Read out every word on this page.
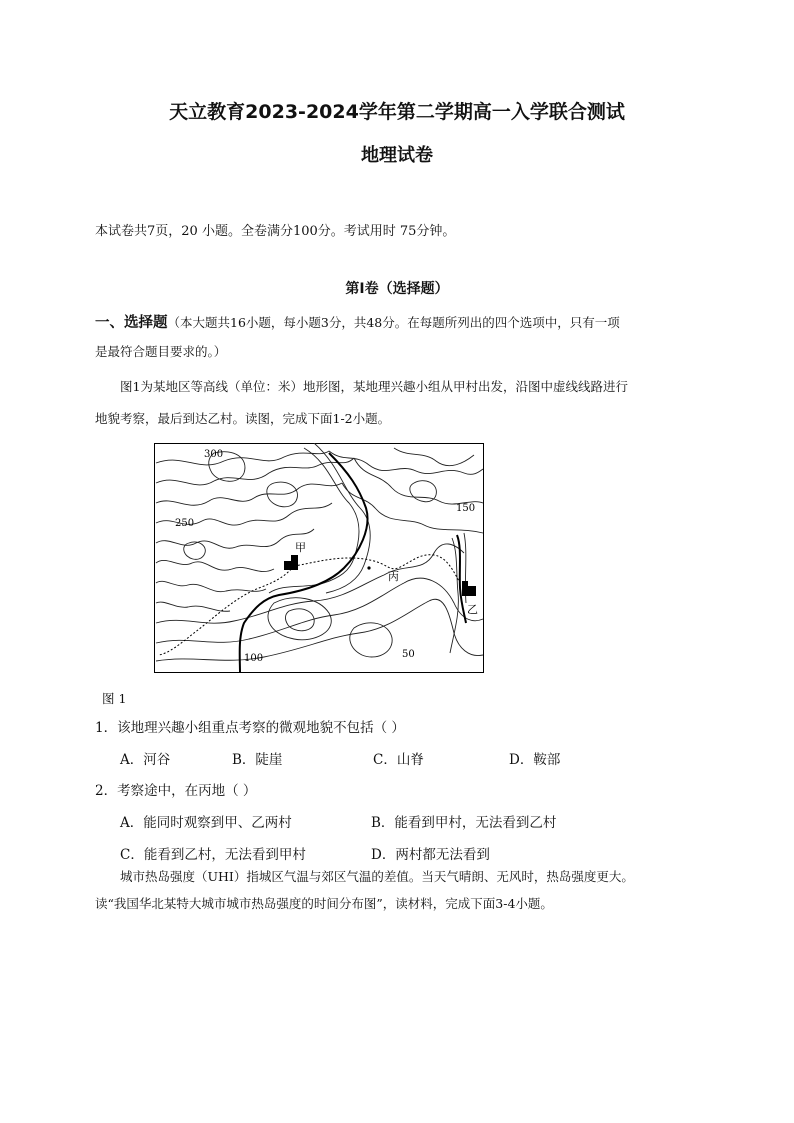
天立教育2023-2024学年第二学期高一入学联合测试
地理试卷
本试卷共7页，20 小题。全卷满分100分。考试用时 75分钟。
第Ⅰ卷（选择题）
一、选择题（本大题共16小题，每小题3分，共48分。在每题所列出的四个选项中，只有一项
是最符合题目要求的。）
图1为某地区等高线（单位：米）地形图，某地理兴趣小组从甲村出发，沿图中虚线线路进行
地貌考察，最后到达乙村。读图，完成下面1-2小题。
300
250
150
100	50
甲
乙
丙
图 1
1．该地理兴趣小组重点考察的微观地貌不包括（ ）
A．河谷	B．陡崖	C．山脊	D．鞍部
2．考察途中，在丙地（ ）
A．能同时观察到甲、乙两村	B．能看到甲村，无法看到乙村
C．能看到乙村，无法看到甲村	D．两村都无法看到
城市热岛强度（UHI）指城区气温与郊区气温的差值。当天气晴朗、无风时，热岛强度更大。
读“我国华北某特大城市城市热岛强度的时间分布图”，读材料，完成下面3-4小题。
